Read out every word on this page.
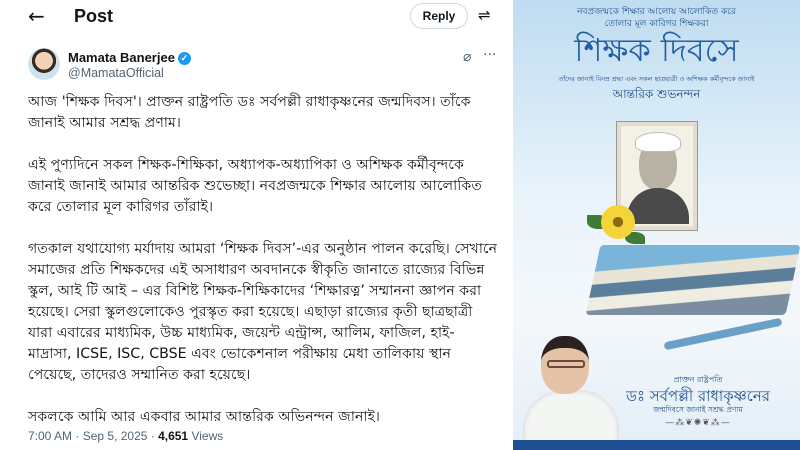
← Post	Reply	⇌
Mamata Banerjee ✓
@MamataOfficial
⌀ ···

আজ 'শিক্ষক দিবস'। প্রাক্তন রাষ্ট্রপতি ডঃ সর্বপল্লী রাধাকৃষ্ণনের জন্মদিবস। তাঁকে জানাই আমার সশ্রদ্ধ প্রণাম।

এই পুণ্যদিনে সকল শিক্ষক-শিক্ষিকা, অধ্যাপক-অধ্যাপিকা ও অশিক্ষক কর্মীবৃন্দকে জানাই জানাই আমার আন্তরিক শুভেচ্ছা। নবপ্রজন্মকে শিক্ষার আলোয় আলোকিত করে তোলার মূল কারিগর তাঁরাই।

গতকাল যথাযোগ্য মর্যাদায় আমরা ‘শিক্ষক দিবস’-এর অনুষ্ঠান পালন করেছি। সেখানে সমাজের প্রতি শিক্ষকদের এই অসাধারণ অবদানকে স্বীকৃতি জানাতে রাজ্যের বিভিন্ন স্কুল, আই টি আই – এর বিশিষ্ট শিক্ষক-শিক্ষিকাদের ‘শিক্ষারত্ন’ সম্মাননা জ্ঞাপন করা হয়েছে। সেরা স্কুলগুলোকেও পুরস্কৃত করা হয়েছে। এছাড়া রাজ্যের কৃতী ছাত্রছাত্রী যারা এবারের মাধ্যমিক, উচ্চ মাধ্যমিক, জয়েন্ট এন্ট্রান্স, আলিম, ফাজিল, হাই-মাদ্রাসা, ICSE, ISC, CBSE এবং ভোকেশনাল পরীক্ষায় মেধা তালিকায় স্থান পেয়েছে, তাদেরও সম্মানিত করা হয়েছে।

সকলকে আমি আর একবার আমার আন্তরিক অভিনন্দন জানাই।

7:00 AM · Sep 5, 2025 · 4,651 Views
নবপ্রজন্মকে শিক্ষার আলোয় আলোকিত করে
তোলার মূল কারিগর শিক্ষকরা
শিক্ষক দিবসে
তাঁদের জানাই বিনম্র শ্রদ্ধা এবং সকল ছাত্রছাত্রী ও অশিক্ষক কর্মীবৃন্দকে জানাই
আন্তরিক শুভনন্দন
প্রাক্তন রাষ্ট্রপতি
ডঃ সর্বপল্লী রাধাকৃষ্ণনের
জন্মদিবসে জানাই সশ্রদ্ধ প্রণাম
—⁂❦✺❦⁂—
